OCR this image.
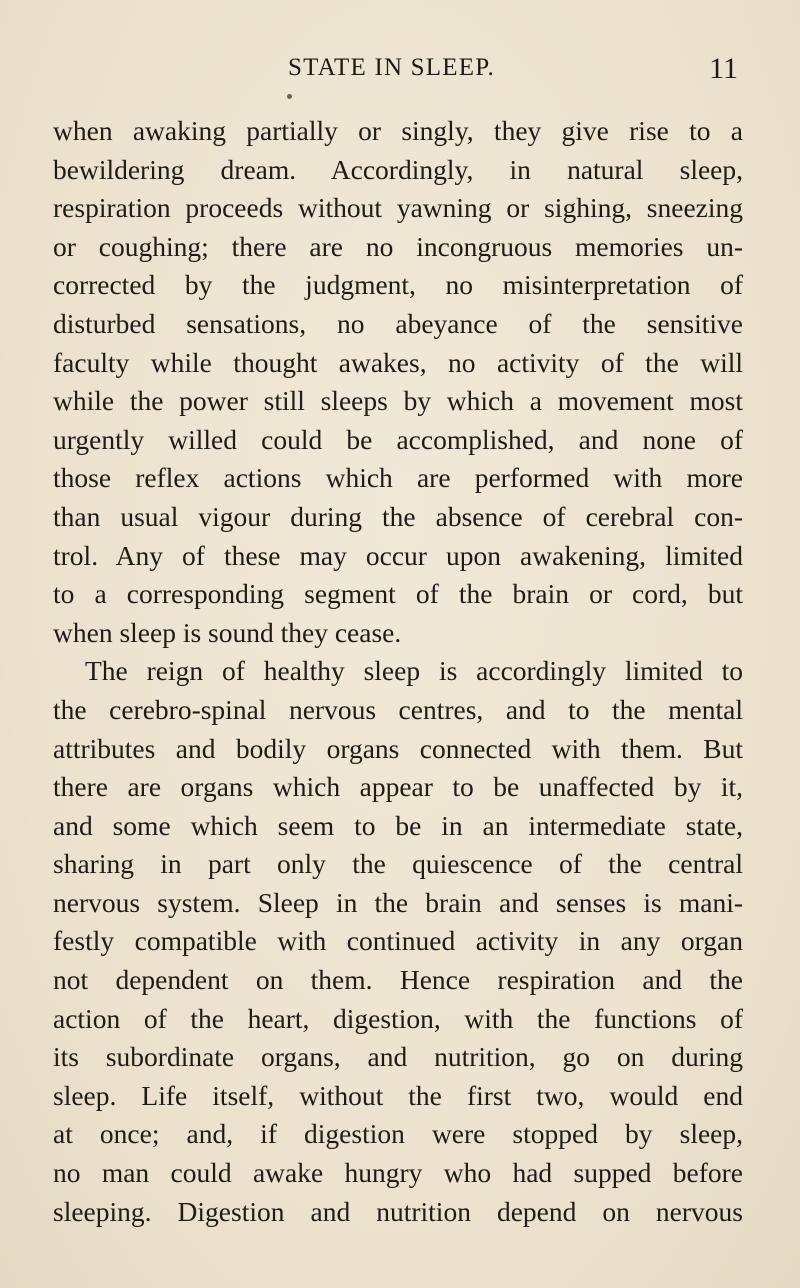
STATE IN SLEEP.	11
when awaking partially or singly, they give rise to a
bewildering dream. Accordingly, in natural sleep,
respiration proceeds without yawning or sighing, sneezing
or coughing; there are no incongruous memories un-
corrected by the judgment, no misinterpretation of
disturbed sensations, no abeyance of the sensitive
faculty while thought awakes, no activity of the will
while the power still sleeps by which a movement most
urgently willed could be accomplished, and none of
those reflex actions which are performed with more
than usual vigour during the absence of cerebral con-
trol. Any of these may occur upon awakening, limited
to a corresponding segment of the brain or cord, but
when sleep is sound they cease.
The reign of healthy sleep is accordingly limited to
the cerebro-spinal nervous centres, and to the mental
attributes and bodily organs connected with them. But
there are organs which appear to be unaffected by it,
and some which seem to be in an intermediate state,
sharing in part only the quiescence of the central
nervous system. Sleep in the brain and senses is mani-
festly compatible with continued activity in any organ
not dependent on them. Hence respiration and the
action of the heart, digestion, with the functions of
its subordinate organs, and nutrition, go on during
sleep. Life itself, without the first two, would end
at once; and, if digestion were stopped by sleep,
no man could awake hungry who had supped before
sleeping. Digestion and nutrition depend on nervous
